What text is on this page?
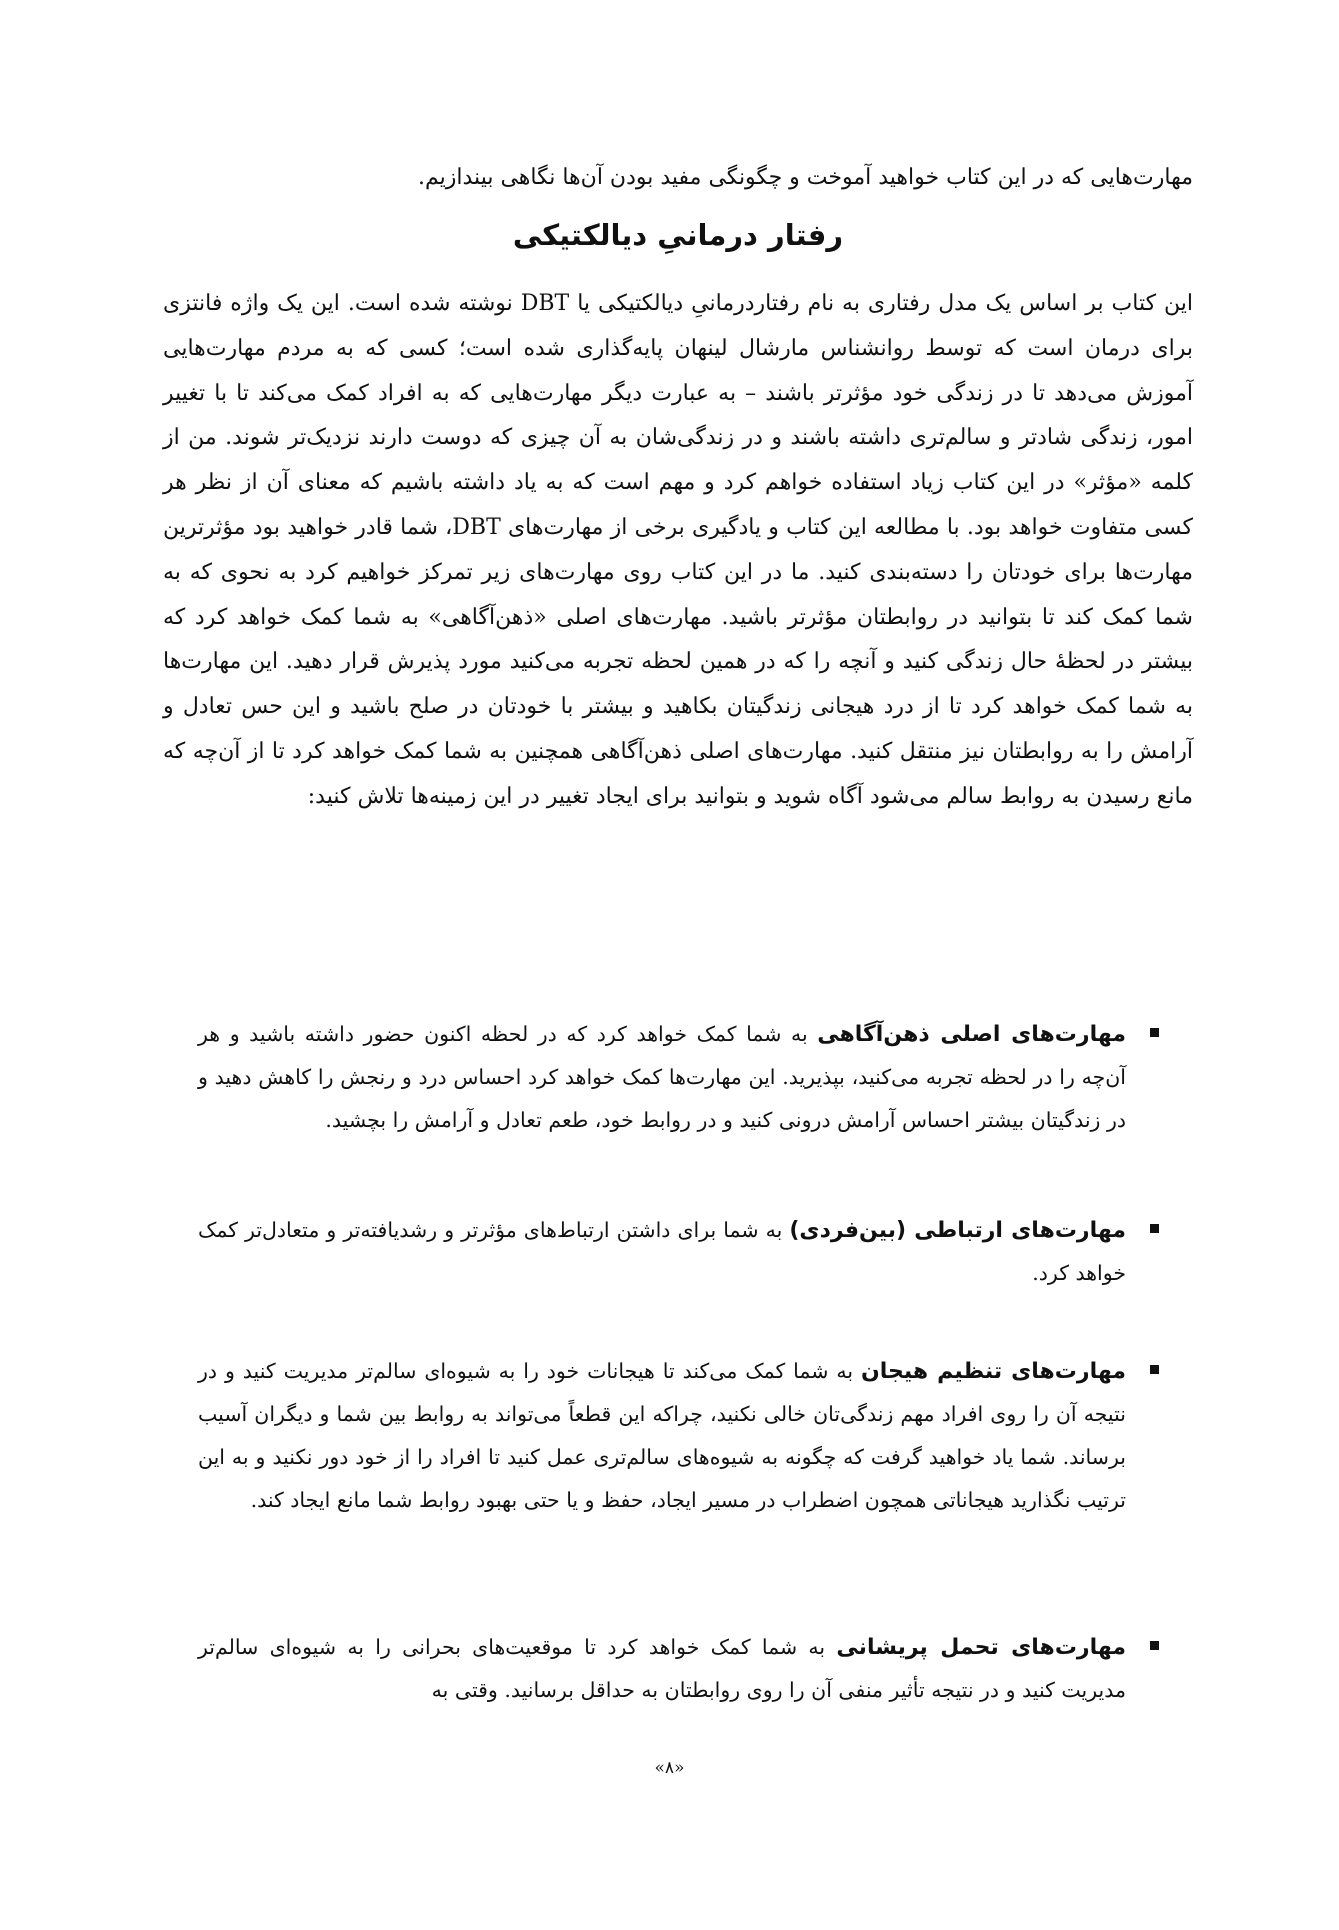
مهارت‌هایی که در این کتاب خواهید آموخت و چگونگی مفید بودن آن‌ها نگاهی بیندازیم.

رفتار درمانیِ دیالکتیکی

این کتاب بر اساس یک مدل رفتاری به نام رفتاردرمانیِ دیالکتیکی یا DBT نوشته شده است. این یک واژه فانتزی برای درمان است که توسط روانشناس مارشال لینهان پایه‌گذاری شده است؛ کسی که به مردم مهارت‌هایی آموزش می‌دهد تا در زندگی خود مؤثرتر باشند – به عبارت دیگر مهارت‌هایی که به افراد کمک می‌کند تا با تغییر امور، زندگی شادتر و سالم‌تری داشته باشند و در زندگی‌شان به آن چیزی که دوست دارند نزدیک‌تر شوند. من از کلمه «مؤثر» در این کتاب زیاد استفاده خواهم کرد و مهم است که به یاد داشته باشیم که معنای آن از نظر هر کسی متفاوت خواهد بود. با مطالعه این کتاب و یادگیری برخی از مهارت‌های DBT، شما قادر خواهید بود مؤثرترین مهارت‌ها برای خودتان را دسته‌بندی کنید. ما در این کتاب روی مهارت‌های زیر تمرکز خواهیم کرد به نحوی که به شما کمک کند تا بتوانید در روابطتان مؤثرتر باشید. مهارت‌های اصلی «ذهن‌آگاهی» به شما کمک خواهد کرد که بیشتر در لحظهٔ حال زندگی کنید و آنچه را که در همین لحظه تجربه می‌کنید مورد پذیرش قرار دهید. این مهارت‌ها به شما کمک خواهد کرد تا از درد هیجانی زندگیتان بکاهید و بیشتر با خودتان در صلح باشید و این حس تعادل و آرامش را به روابطتان نیز منتقل کنید. مهارت‌های اصلی ذهن‌آگاهی همچنین به شما کمک خواهد کرد تا از آن‌چه که مانع رسیدن به روابط سالم می‌شود آگاه شوید و بتوانید برای ایجاد تغییر در این زمینه‌ها تلاش کنید:

مهارت‌های اصلی ذهن‌آگاهی به شما کمک خواهد کرد که در لحظه اکنون حضور داشته باشید و هر آن‌چه را در لحظه تجربه می‌کنید، بپذیرید. این مهارت‌ها کمک خواهد کرد احساس درد و رنجش را کاهش دهید و در زندگیتان بیشتر احساس آرامش درونی کنید و در روابط خود، طعم تعادل و آرامش را بچشید.
مهارت‌های ارتباطی (بین‌فردی) به شما برای داشتن ارتباط‌های مؤثرتر و رشدیافته‌تر و متعادل‌تر کمک خواهد کرد.
مهارت‌های تنظیم هیجان به شما کمک می‌کند تا هیجانات خود را به شیوه‌ای سالم‌تر مدیریت کنید و در نتیجه آن را روی افراد مهم زندگی‌تان خالی نکنید، چراکه این قطعاً می‌تواند به روابط بین شما و دیگران آسیب برساند. شما یاد خواهید گرفت که چگونه به شیوه‌های سالم‌تری عمل کنید تا افراد را از خود دور نکنید و به این ترتیب نگذارید هیجاناتی همچون اضطراب در مسیر ایجاد، حفظ و یا حتی بهبود روابط شما مانع ایجاد کند.
مهارت‌های تحمل پریشانی به شما کمک خواهد کرد تا موقعیت‌های بحرانی را به شیوه‌ای سالم‌تر مدیریت کنید و در نتیجه تأثیر منفی آن را روی روابطتان به حداقل برسانید. وقتی به
«۸»
